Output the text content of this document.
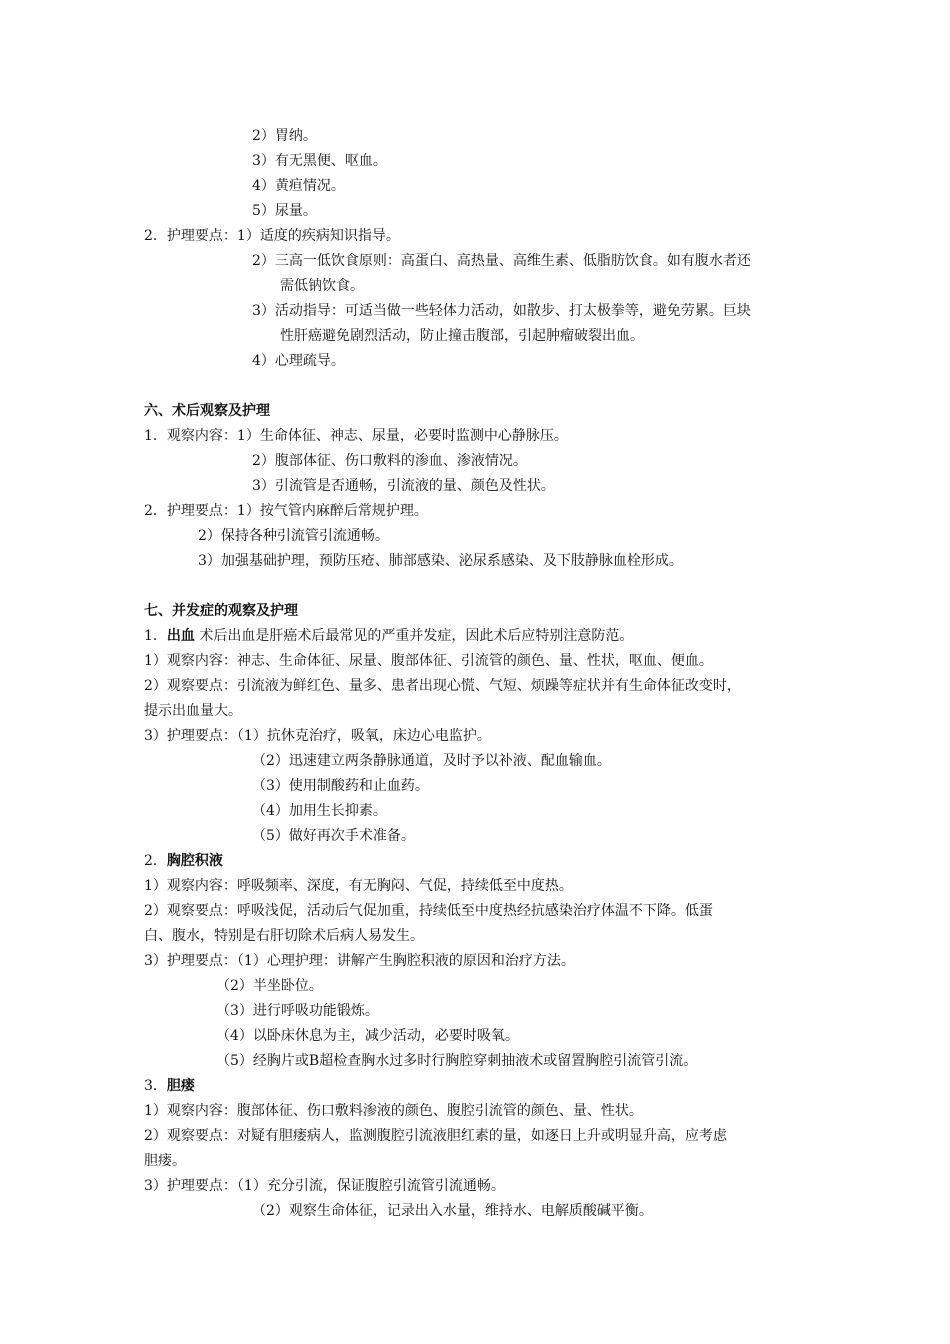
2）胃纳。
3）有无黑便、呕血。
4）黄疸情况。
5）尿量。
2．护理要点：1）适度的疾病知识指导。
2）三高一低饮食原则：高蛋白、高热量、高维生素、低脂肪饮食。如有腹水者还
需低钠饮食。
3）活动指导：可适当做一些轻体力活动，如散步、打太极拳等，避免劳累。巨块
性肝癌避免剧烈活动，防止撞击腹部，引起肿瘤破裂出血。
4）心理疏导。
六、术后观察及护理
1．观察内容：1）生命体征、神志、尿量，必要时监测中心静脉压。
2）腹部体征、伤口敷料的渗血、渗液情况。
3）引流管是否通畅，引流液的量、颜色及性状。
2．护理要点：1）按气管内麻醉后常规护理。
2）保持各种引流管引流通畅。
3）加强基础护理，预防压疮、肺部感染、泌尿系感染、及下肢静脉血栓形成。
七、并发症的观察及护理
1．出血 术后出血是肝癌术后最常见的严重并发症，因此术后应特别注意防范。
1）观察内容：神志、生命体征、尿量、腹部体征、引流管的颜色、量、性状，呕血、便血。
2）观察要点：引流液为鲜红色、量多、患者出现心慌、气短、烦躁等症状并有生命体征改变时，
提示出血量大。
3）护理要点：（1）抗休克治疗，吸氧，床边心电监护。
（2）迅速建立两条静脉通道，及时予以补液、配血输血。
（3）使用制酸药和止血药。
（4）加用生长抑素。
（5）做好再次手术准备。
2．胸腔积液
1）观察内容：呼吸频率、深度，有无胸闷、气促，持续低至中度热。
2）观察要点：呼吸浅促，活动后气促加重，持续低至中度热经抗感染治疗体温不下降。低蛋
白、腹水，特别是右肝切除术后病人易发生。
3）护理要点：（1）心理护理：讲解产生胸腔积液的原因和治疗方法。
（2）半坐卧位。
（3）进行呼吸功能锻炼。
（4）以卧床休息为主，减少活动，必要时吸氧。
（5）经胸片或B超检查胸水过多时行胸腔穿刺抽液术或留置胸腔引流管引流。
3．胆瘘
1）观察内容：腹部体征、伤口敷料渗液的颜色、腹腔引流管的颜色、量、性状。
2）观察要点：对疑有胆瘘病人，监测腹腔引流液胆红素的量，如逐日上升或明显升高，应考虑
胆瘘。
3）护理要点：（1）充分引流，保证腹腔引流管引流通畅。
（2）观察生命体征，记录出入水量，维持水、电解质酸碱平衡。
